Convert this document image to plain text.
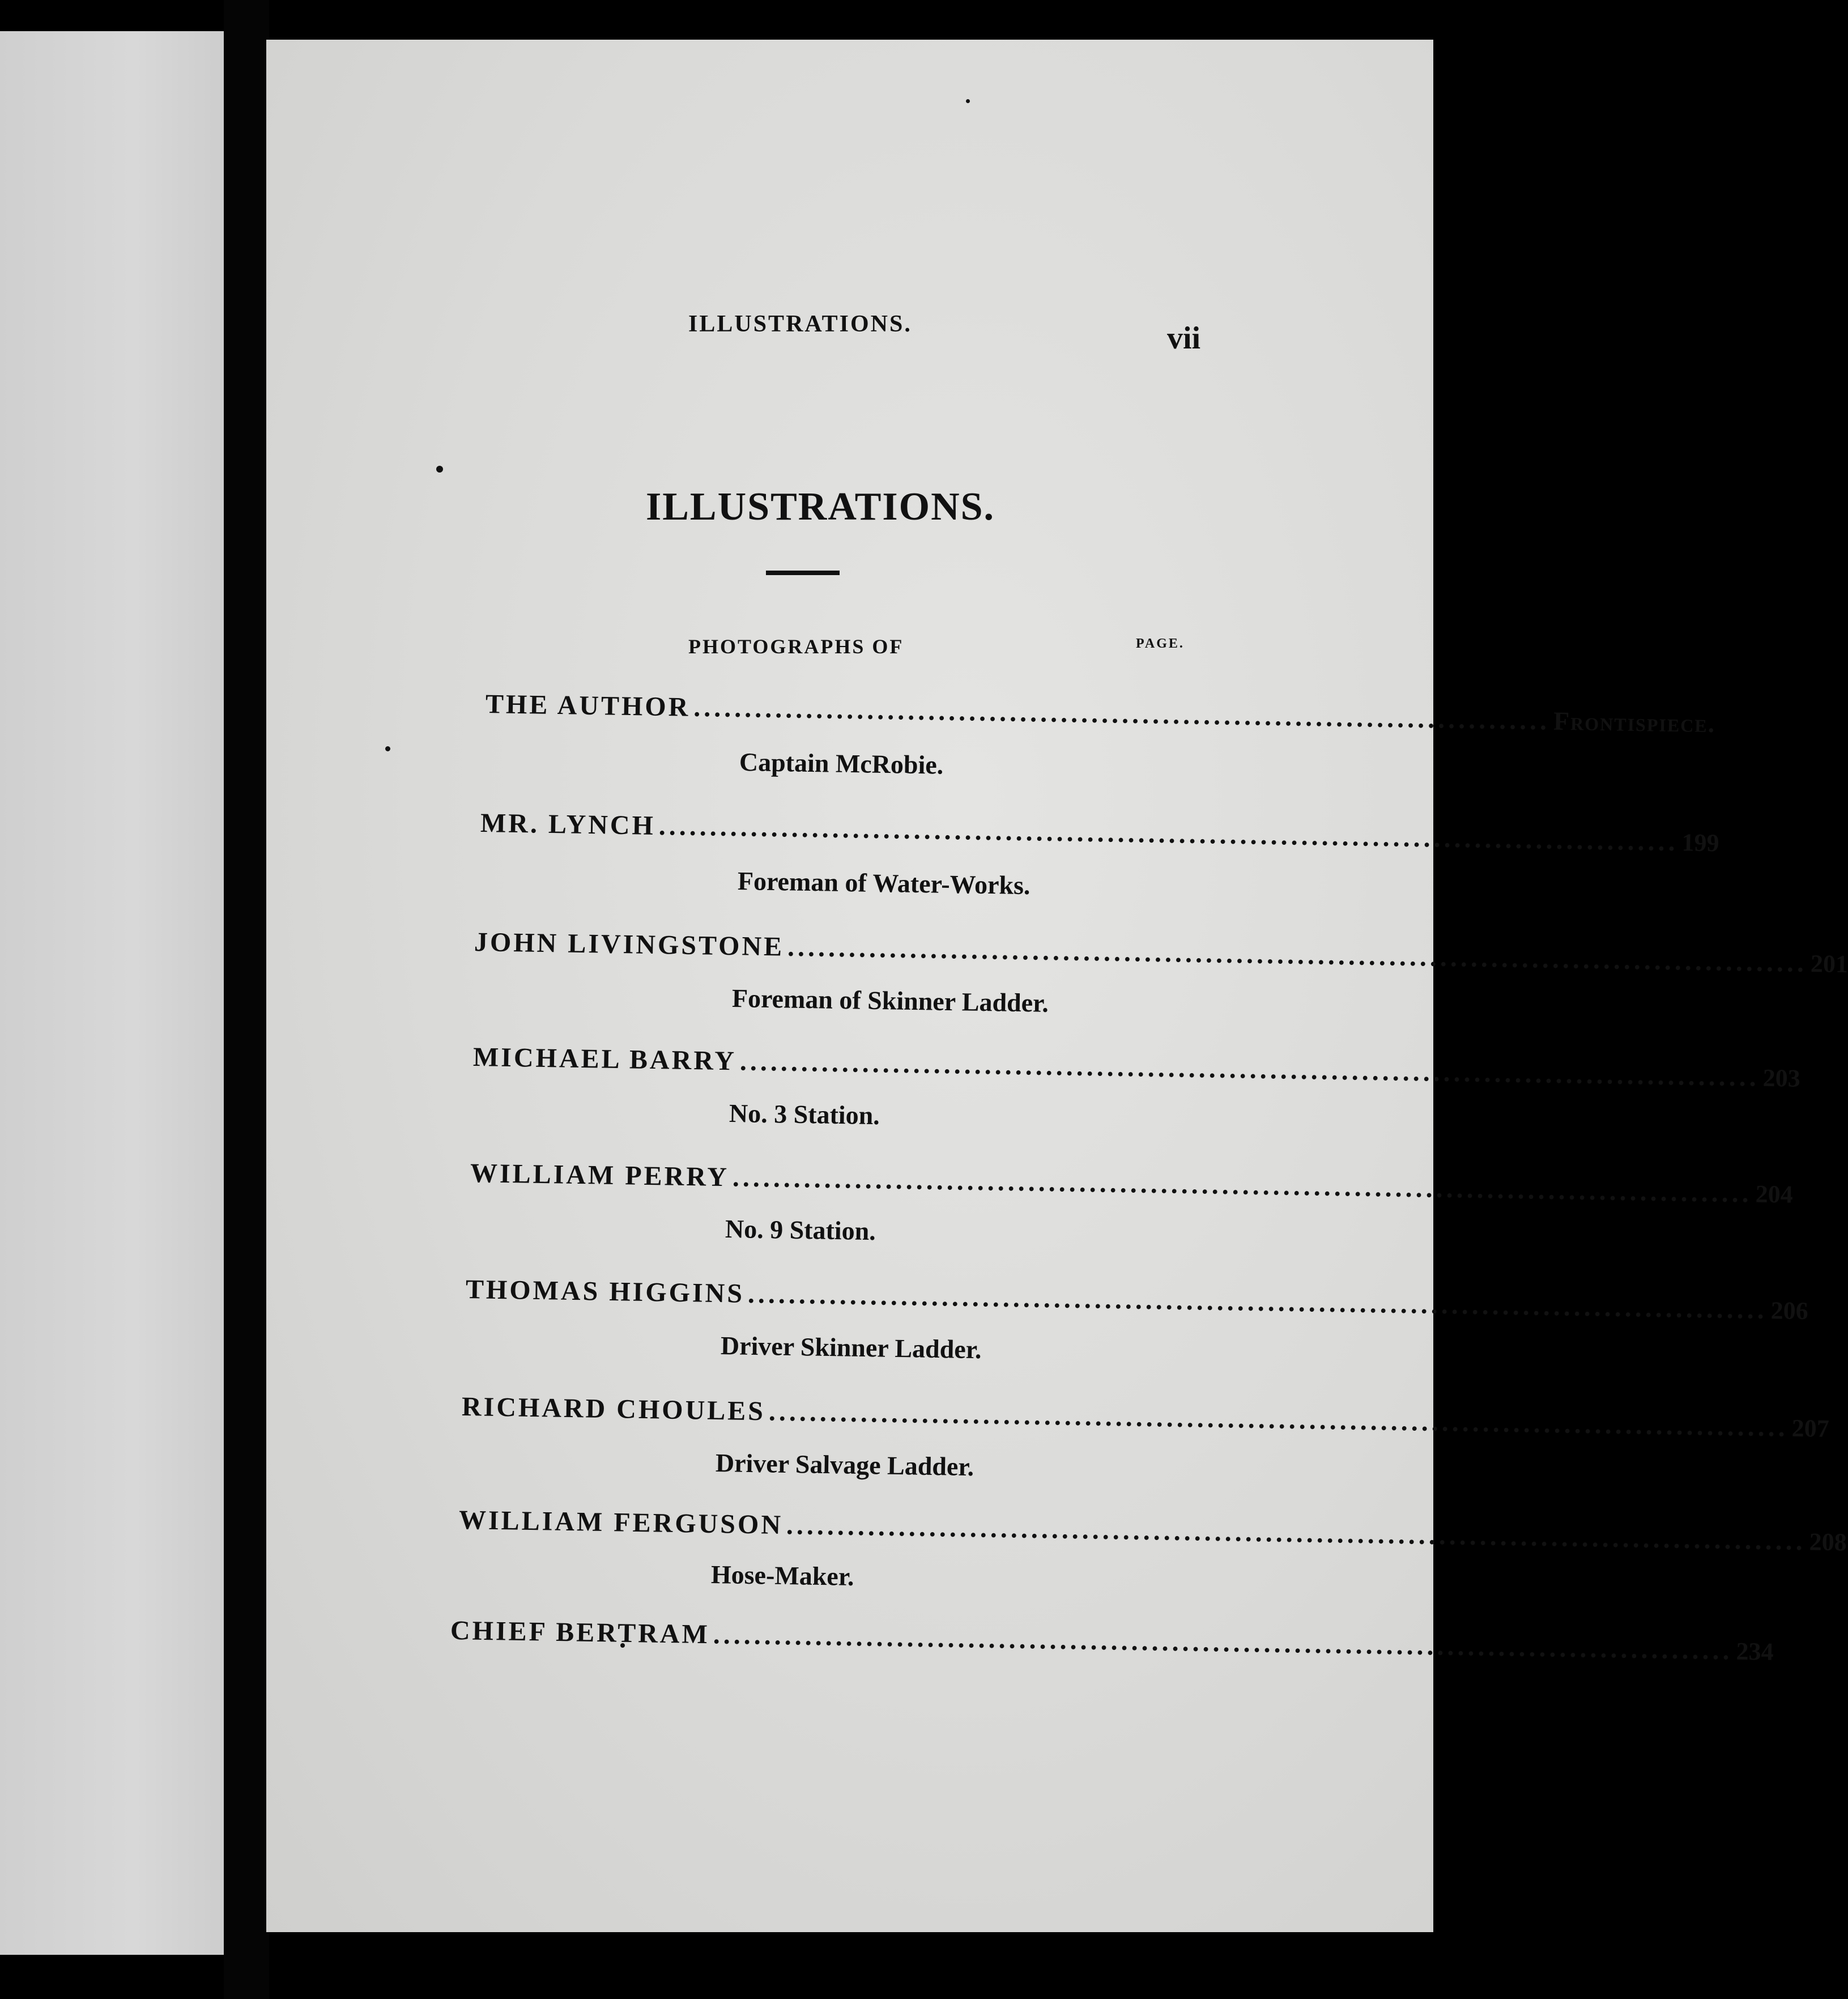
ILLUSTRATIONS.	vii
ILLUSTRATIONS.
PHOTOGRAPHS OF	PAGE.
THE AUTHOR .................................................................................... Frontispiece.
Captain McRobie.
MR. LYNCH .................................................................................................... 199
Foreman of Water-Works.
JOHN LIVINGSTONE .................................................................................................... 201
Foreman of Skinner Ladder.
MICHAEL BARRY .................................................................................................... 203
No. 3 Station.
WILLIAM PERRY .................................................................................................... 204
No. 9 Station.
THOMAS HIGGINS .................................................................................................... 206
Driver Skinner Ladder.
RICHARD CHOULES .................................................................................................... 207
Driver Salvage Ladder.
WILLIAM FERGUSON .................................................................................................... 208
Hose-Maker.
CHIEF BERTRAM .................................................................................................... 234
